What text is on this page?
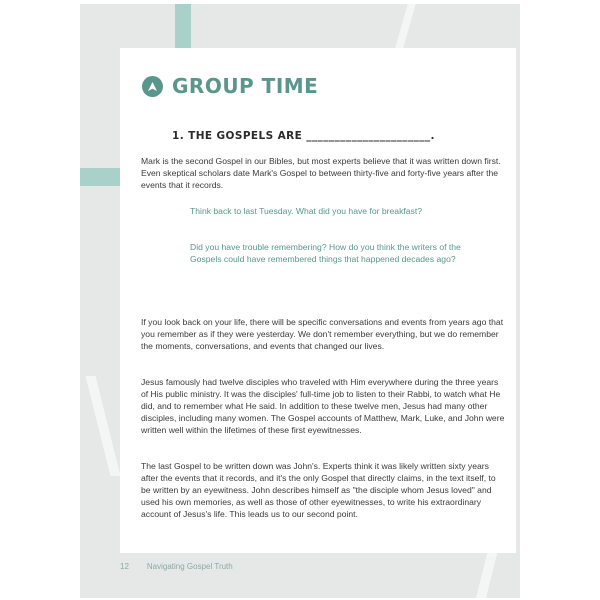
GROUP TIME
1. THE GOSPELS ARE ______________________.
Mark is the second Gospel in our Bibles, but most experts believe that it was written down first. Even skeptical scholars date Mark's Gospel to between thirty-five and forty-five years after the events that it records.
Think back to last Tuesday. What did you have for breakfast?
Did you have trouble remembering? How do you think the writers of the Gospels could have remembered things that happened decades ago?
If you look back on your life, there will be specific conversations and events from years ago that you remember as if they were yesterday. We don't remember everything, but we do remember the moments, conversations, and events that changed our lives.
Jesus famously had twelve disciples who traveled with Him everywhere during the three years of His public ministry. It was the disciples' full-time job to listen to their Rabbi, to watch what He did, and to remember what He said. In addition to these twelve men, Jesus had many other disciples, including many women. The Gospel accounts of Matthew, Mark, Luke, and John were written well within the lifetimes of these first eyewitnesses.
The last Gospel to be written down was John's. Experts think it was likely written sixty years after the events that it records, and it's the only Gospel that directly claims, in the text itself, to be written by an eyewitness. John describes himself as "the disciple whom Jesus loved" and used his own memories, as well as those of other eyewitnesses, to write his extraordinary account of Jesus's life. This leads us to our second point.
12 Navigating Gospel Truth
